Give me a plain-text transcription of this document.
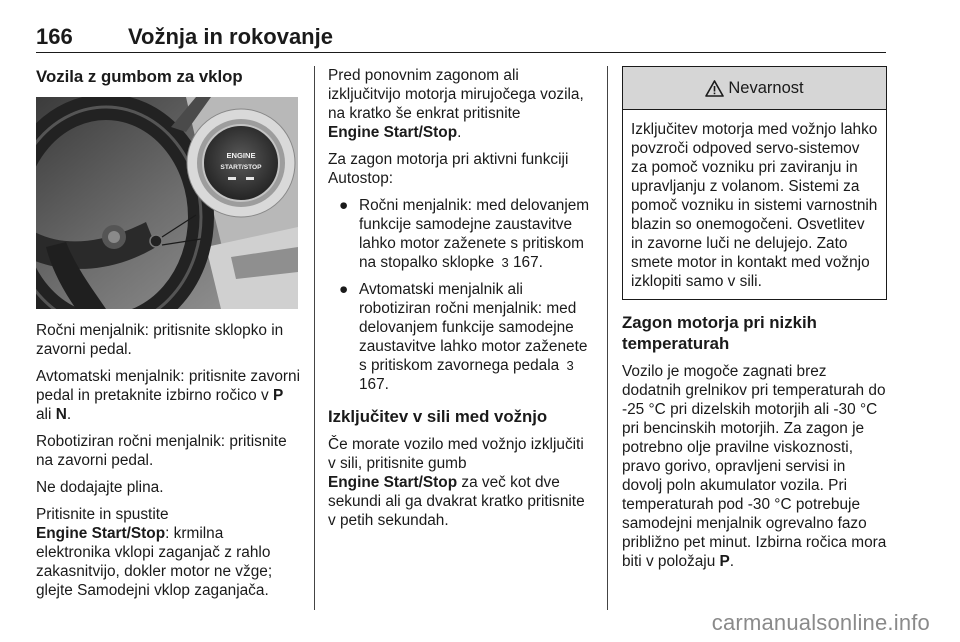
166	Vožnja in rokovanje
Vozila z gumbom za vklop
ENGINE
START/STOP

Ročni menjalnik: pritisnite sklopko in zavorni pedal.

Avtomatski menjalnik: pritisnite zavorni pedal in pretaknite izbirno ročico v P ali N.

Robotiziran ročni menjalnik: pritisnite na zavorni pedal.

Ne dodajajte plina.

Pritisnite in spustite
Engine Start/Stop: krmilna elektronika vklopi zaganjač z rahlo zakasnitvijo, dokler motor ne vžge; glejte Samodejni vklop zaganjača.

Pred ponovnim zagonom ali izključitvijo motorja mirujočega vozila, na kratko še enkrat pritisnite
Engine Start/Stop.

Za zagon motorja pri aktivni funkciji Autostop:

● Ročni menjalnik: med delovanjem funkcije samodejne zaustavitve lahko motor zaženete s pritiskom na stopalko sklopke 3 167.
● Avtomatski menjalnik ali robotiziran ročni menjalnik: med delovanjem funkcije samodejne zaustavitve lahko motor zaženete s pritiskom zavornega pedala 3 167.
Izključitev v sili med vožnjo

Če morate vozilo med vožnjo izključiti v sili, pritisnite gumb
Engine Start/Stop za več kot dve sekundi ali ga dvakrat kratko pritisnite v petih sekundah.

Nevarnost
Izključitev motorja med vožnjo lahko povzroči odpoved servo-sistemov za pomoč vozniku pri zaviranju in upravljanju z volanom. Sistemi za pomoč vozniku in sistemi varnostnih blazin so onemogočeni. Osvetlitev in zavorne luči ne delujejo. Zato smete motor in kontakt med vožnjo izklopiti samo v sili.
Zagon motorja pri nizkih temperaturah

Vozilo je mogoče zagnati brez dodatnih grelnikov pri temperaturah do -25 °C pri dizelskih motorjih ali -30 °C pri bencinskih motorjih. Za zagon je potrebno olje pravilne viskoznosti, pravo gorivo, opravljeni servisi in dovolj poln akumulator vozila. Pri temperaturah pod -30 °C potrebuje samodejni menjalnik ogrevalno fazo približno pet minut. Izbirna ročica mora biti v položaju P.

carmanualsonline.info
